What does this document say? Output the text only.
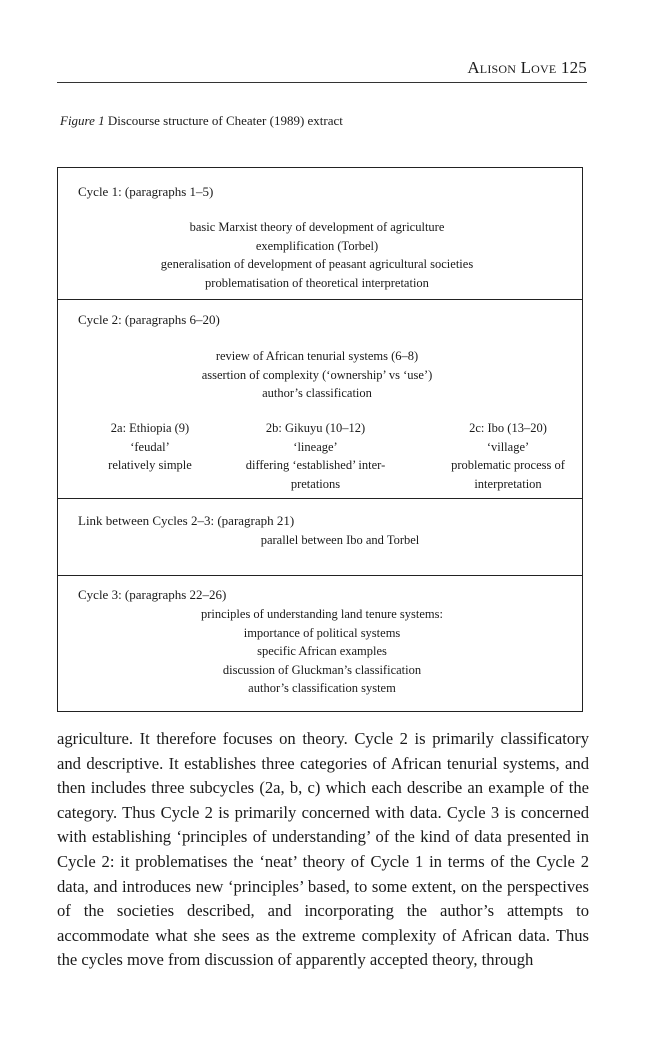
Alison Love 125
Figure 1 Discourse structure of Cheater (1989) extract
Cycle 1: (paragraphs 1–5)
basic Marxist theory of development of agriculture
exemplification (Torbel)
generalisation of development of peasant agricultural societies
problematisation of theoretical interpretation
Cycle 2: (paragraphs 6–20)
review of African tenurial systems (6–8)
assertion of complexity (‘ownership’ vs ‘use’)
author’s classification
2a: Ethiopia (9)
‘feudal’
relatively simple
2b: Gikuyu (10–12)
‘lineage’
differing ‘established’ inter-
pretations
2c: Ibo (13–20)
‘village’
problematic process of
interpretation
Link between Cycles 2–3: (paragraph 21)
parallel between Ibo and Torbel
Cycle 3: (paragraphs 22–26)
principles of understanding land tenure systems:
importance of political systems
specific African examples
discussion of Gluckman’s classification
author’s classification system
agriculture. It therefore focuses on theory. Cycle 2 is primarily classificatory and descriptive. It establishes three categories of African tenurial systems, and then includes three subcycles (2a, b, c) which each describe an example of the category. Thus Cycle 2 is primarily concerned with data. Cycle 3 is concerned with establishing ‘principles of understanding’ of the kind of data presented in Cycle 2: it problematises the ‘neat’ theory of Cycle 1 in terms of the Cycle 2 data, and introduces new ‘principles’ based, to some extent, on the perspectives of the societies described, and incorporating the author’s attempts to accommodate what she sees as the extreme complexity of African data. Thus the cycles move from discussion of apparently accepted theory, through
